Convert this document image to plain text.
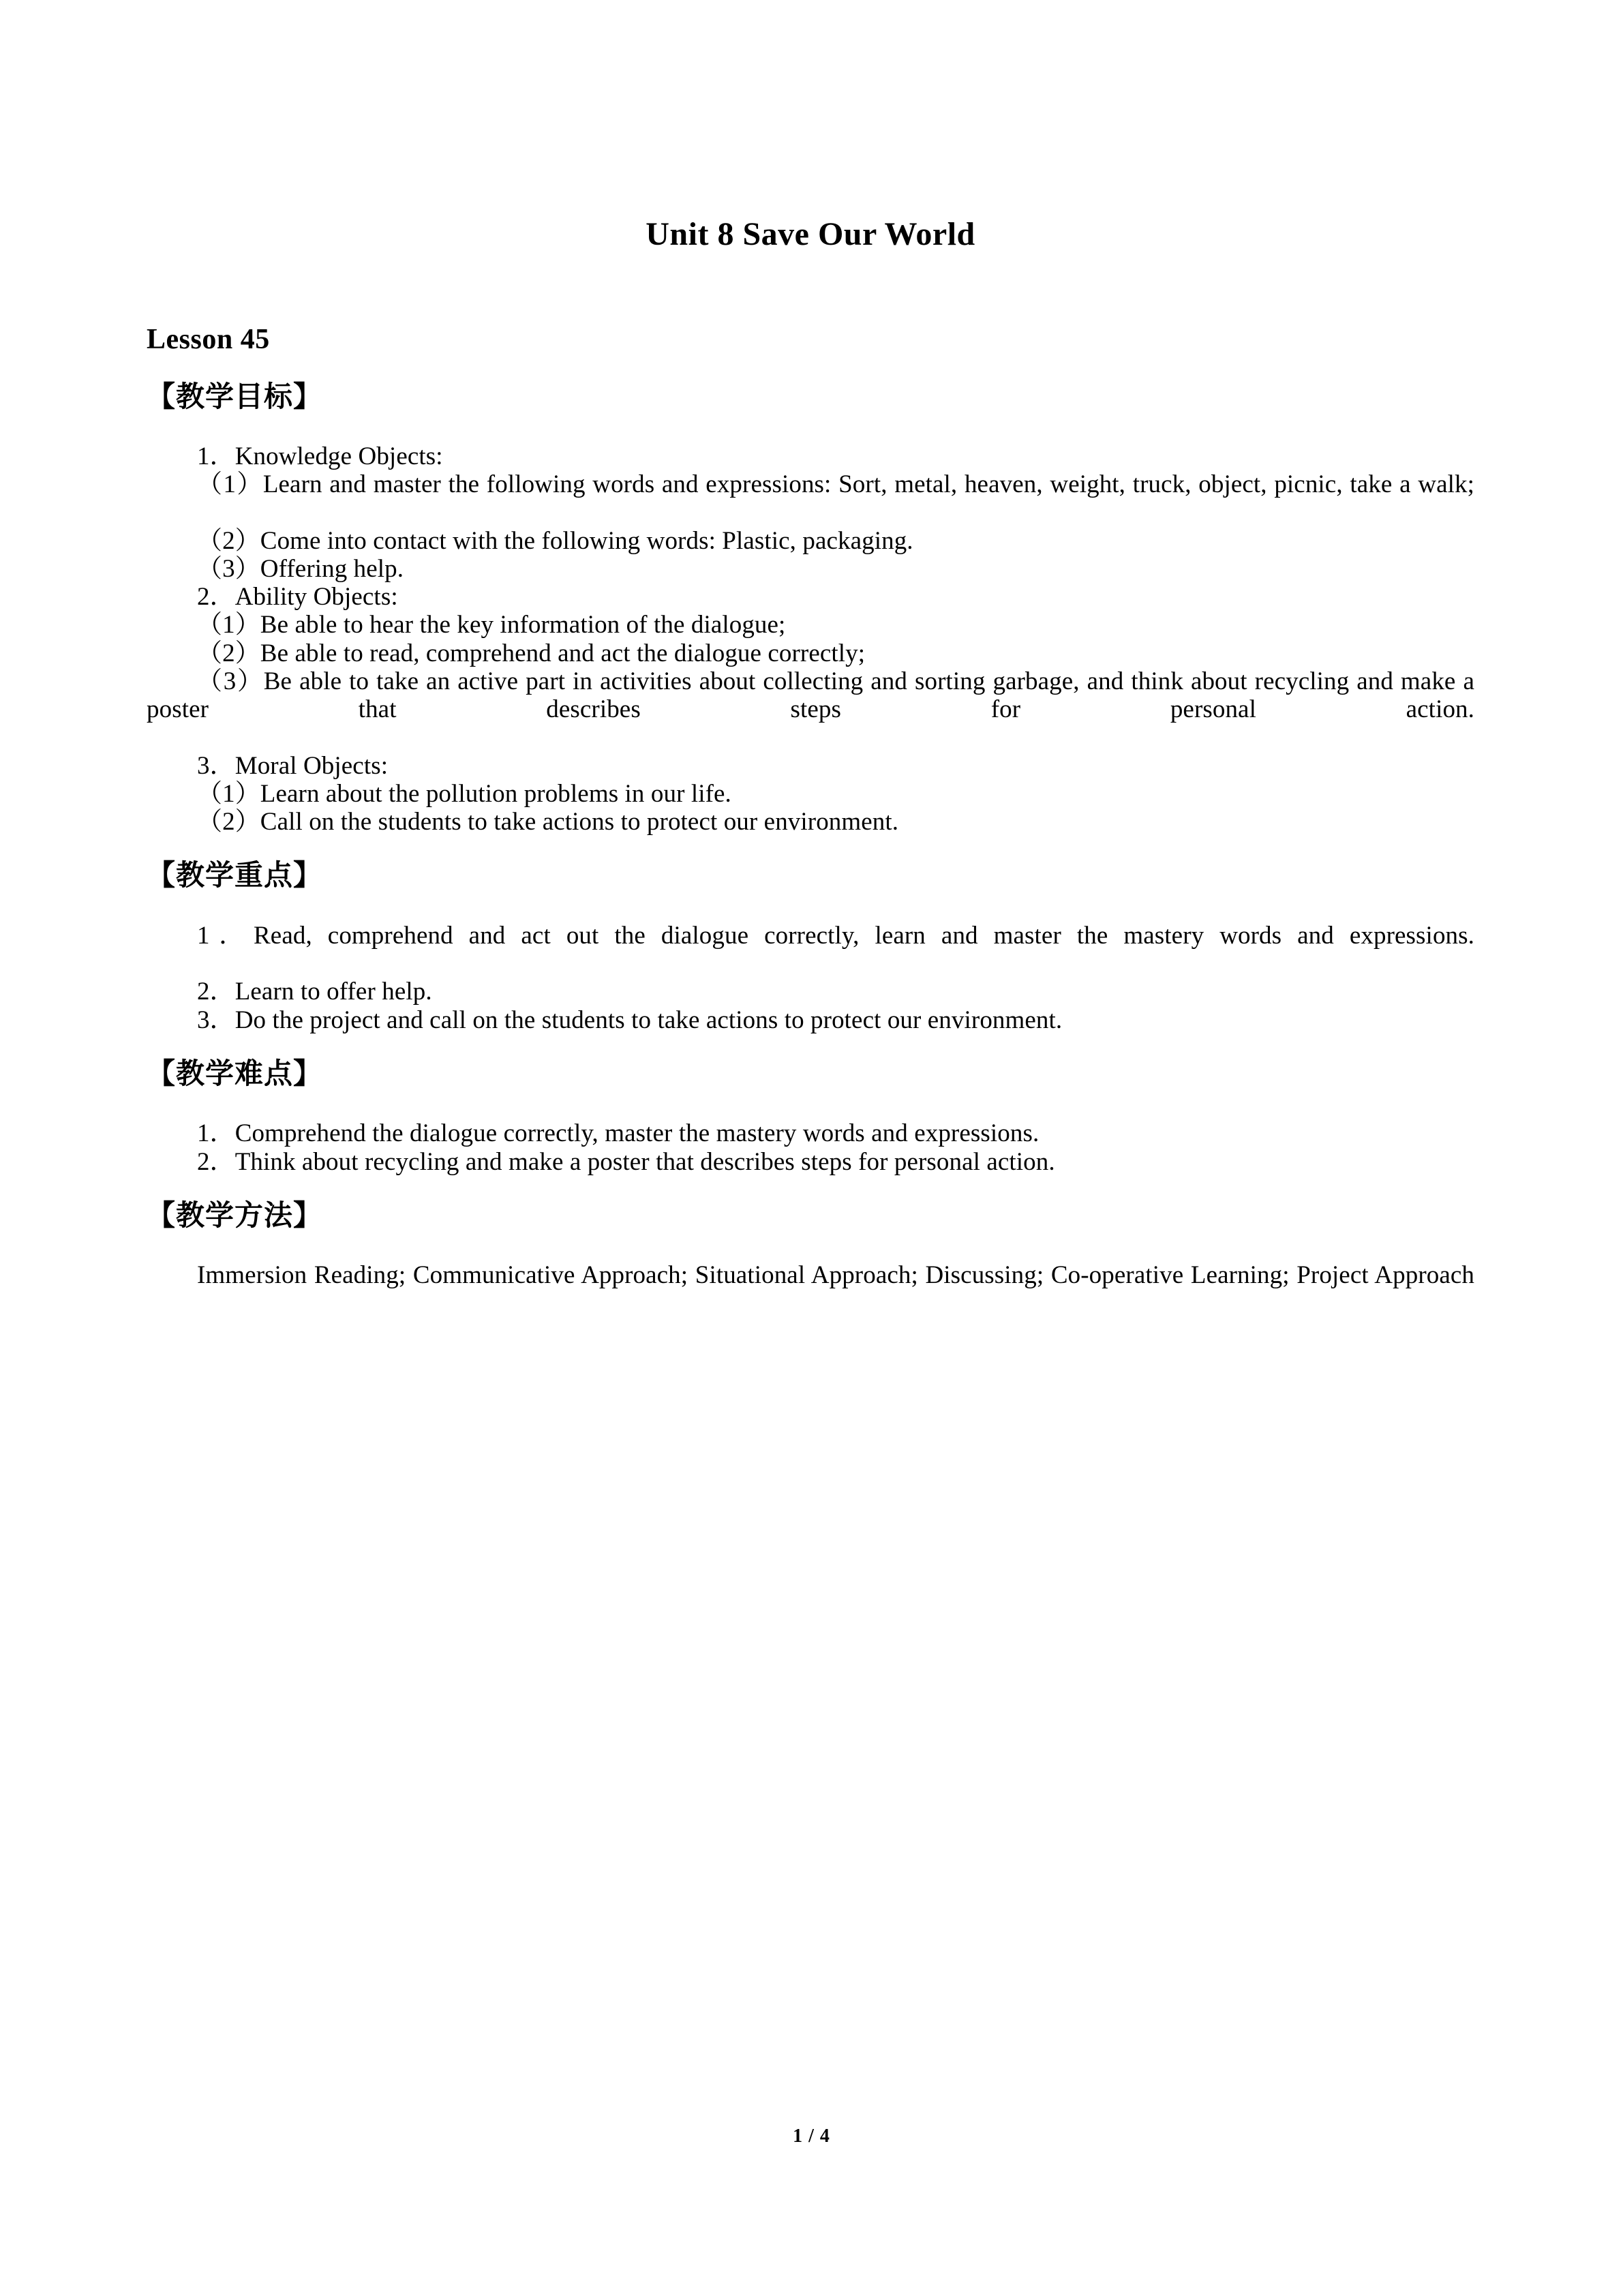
Unit 8 Save Our World
Lesson 45
【教学目标】

1．Knowledge Objects:

（1）Learn and master the following words and expressions: Sort, metal, heaven, weight, truck, object, picnic, take a walk;

（2）Come into contact with the following words: Plastic, packaging.

（3）Offering help.

2．Ability Objects:

（1）Be able to hear the key information of the dialogue;

（2）Be able to read, comprehend and act the dialogue correctly;

（3）Be able to take an active part in activities about collecting and sorting garbage, and think about recycling and make a poster that describes steps for personal action.

3．Moral Objects:

（1）Learn about the pollution problems in our life.

（2）Call on the students to take actions to protect our environment.

【教学重点】

1．Read, comprehend and act out the dialogue correctly, learn and master the mastery words and expressions.

2．Learn to offer help.

3．Do the project and call on the students to take actions to protect our environment.

【教学难点】

1．Comprehend the dialogue correctly, master the mastery words and expressions.

2．Think about recycling and make a poster that describes steps for personal action.

【教学方法】

Immersion Reading; Communicative Approach; Situational Approach; Discussing; Co-operative Learning; Project Approach

1 / 4
